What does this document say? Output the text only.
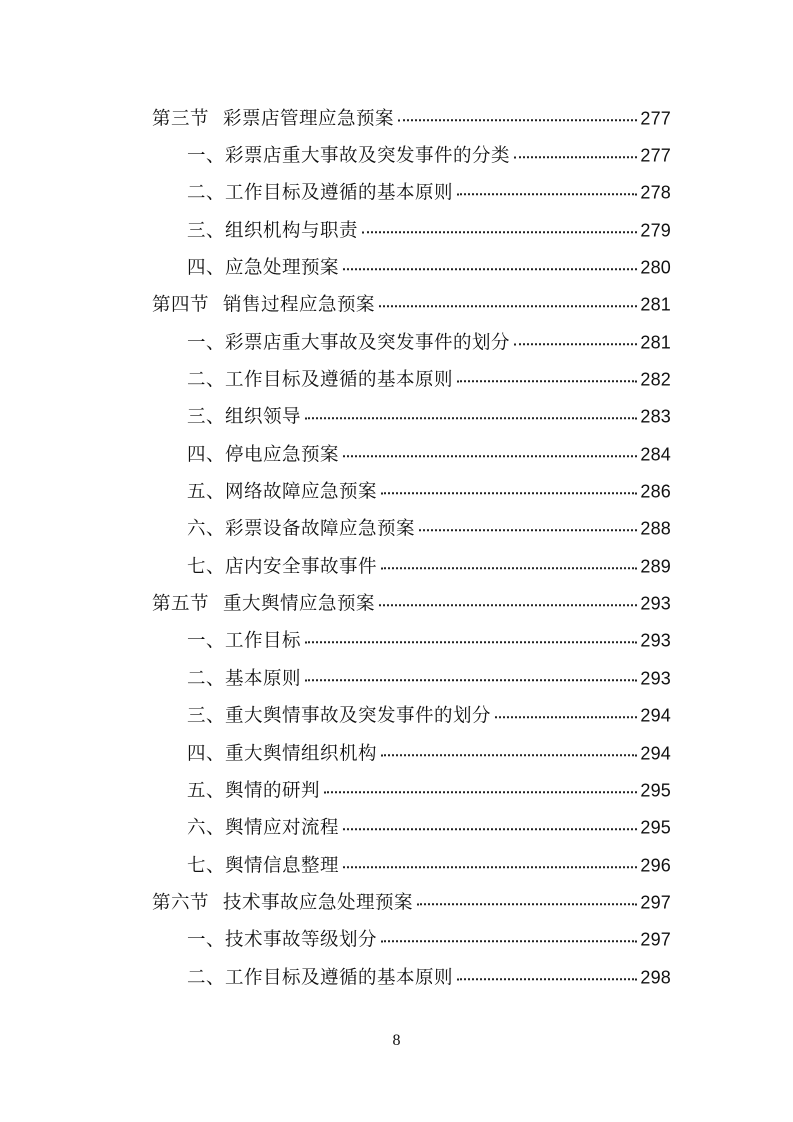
第三节 彩票店管理应急预案	277
一、 彩票店重大事故及突发事件的分类	277
二、 工作目标及遵循的基本原则	278
三、 组织机构与职责	279
四、 应急处理预案	280
第四节 销售过程应急预案	281
一、 彩票店重大事故及突发事件的划分	281
二、 工作目标及遵循的基本原则	282
三、 组织领导	283
四、 停电应急预案	284
五、 网络故障应急预案	286
六、 彩票设备故障应急预案	288
七、 店内安全事故事件	289
第五节 重大舆情应急预案	293
一、 工作目标	293
二、 基本原则	293
三、 重大舆情事故及突发事件的划分	294
四、 重大舆情组织机构	294
五、 舆情的研判	295
六、 舆情应对流程	295
七、 舆情信息整理	296
第六节 技术事故应急处理预案	297
一、 技术事故等级划分	297
二、 工作目标及遵循的基本原则	298
8
